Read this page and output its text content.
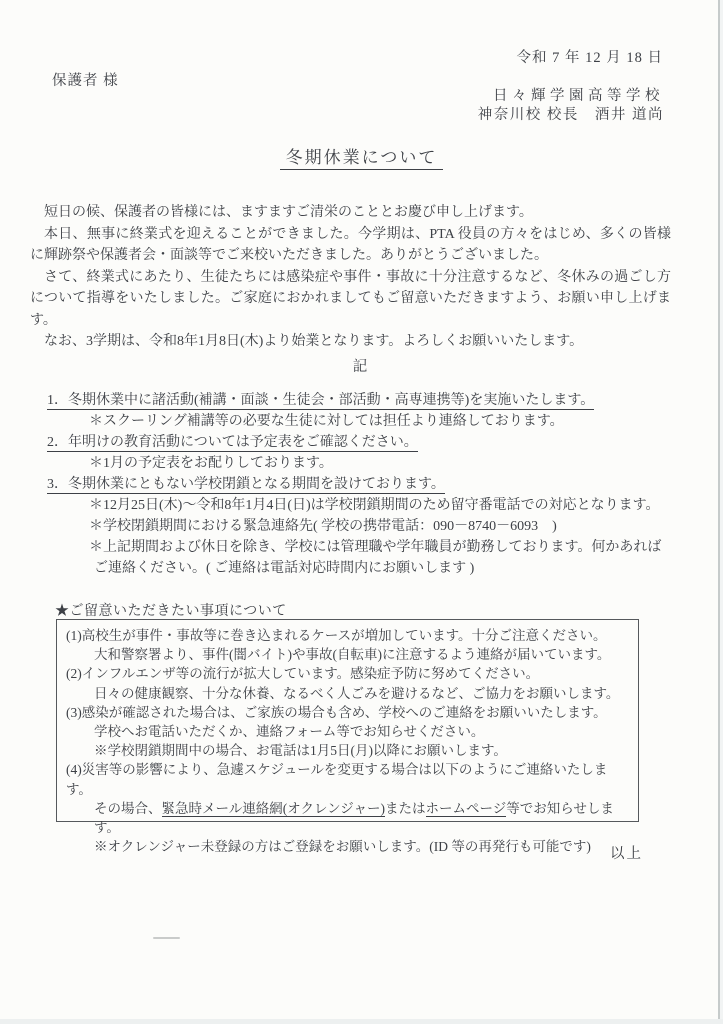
令和 7 年 12 月 18 日
保護者 様
日々輝学園高等学校
神奈川校 校長　酒井 道尚
冬期休業について

短日の候、保護者の皆様には、ますますご清栄のこととお慶び申し上げます。

本日、無事に終業式を迎えることができました。今学期は、PTA 役員の方々をはじめ、多くの皆様に輝跡祭や保護者会・面談等でご来校いただきました。ありがとうございました。

さて、終業式にあたり、生徒たちには感染症や事件・事故に十分注意するなど、冬休みの過ごし方について指導をいたしました。ご家庭におかれましてもご留意いただきますよう、お願い申し上げます。

なお、3学期は、令和8年1月8日(木)より始業となります。よろしくお願いいたします。

記

1．冬期休業中に諸活動(補講・面談・生徒会・部活動・高専連携等)を実施いたします。

＊スクーリング補講等の必要な生徒に対しては担任より連絡しております。

2．年明けの教育活動については予定表をご確認ください。

＊1月の予定表をお配りしております。

3．冬期休業にともない学校閉鎖となる期間を設けております。

＊12月25日(木)～令和8年1月4日(日)は学校閉鎖期間のため留守番電話での対応となります。

＊学校閉鎖期間における緊急連絡先( 学校の携帯電話：090－8740－6093　)

＊上記期間および休日を除き、学校には管理職や学年職員が勤務しております。何かあればご連絡ください。( ご連絡は電話対応時間内にお願いします )

★ご留意いただきたい事項について

(1)高校生が事件・事故等に巻き込まれるケースが増加しています。十分ご注意ください。

大和警察署より、事件(闇バイト)や事故(自転車)に注意するよう連絡が届いています。

(2)インフルエンザ等の流行が拡大しています。感染症予防に努めてください。

日々の健康観察、十分な休養、なるべく人ごみを避けるなど、ご協力をお願いします。

(3)感染が確認された場合は、ご家族の場合も含め、学校へのご連絡をお願いいたします。

学校へお電話いただくか、連絡フォーム等でお知らせください。

※学校閉鎖期間中の場合、お電話は1月5日(月)以降にお願いします。

(4)災害等の影響により、急遽スケジュールを変更する場合は以下のようにご連絡いたします。

その場合、緊急時メール連絡網(オクレンジャー)またはホームページ等でお知らせします。

※オクレンジャー未登録の方はご登録をお願いします。(ID 等の再発行も可能です)	以上
